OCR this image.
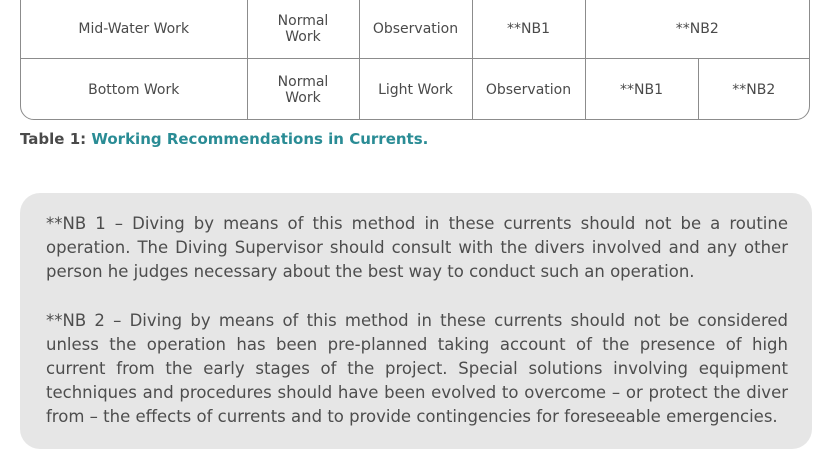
Mid-Water Work	Normal Work	Observation	**NB1	**NB2	
Bottom Work	Normal Work	Light Work	Observation	**NB1	**NB2
Table 1: Working Recommendations in Currents.

**NB 1 – Diving by means of this method in these currents should not be a routine operation. The Diving Supervisor should consult with the divers involved and any other person he judges necessary about the best way to conduct such an operation.

**NB 2 – Diving by means of this method in these currents should not be considered unless the operation has been pre-planned taking account of the presence of high current from the early stages of the project. Special solutions involving equipment techniques and procedures should have been evolved to overcome – or protect the diver from – the effects of currents and to provide contingencies for foreseeable emergencies.
